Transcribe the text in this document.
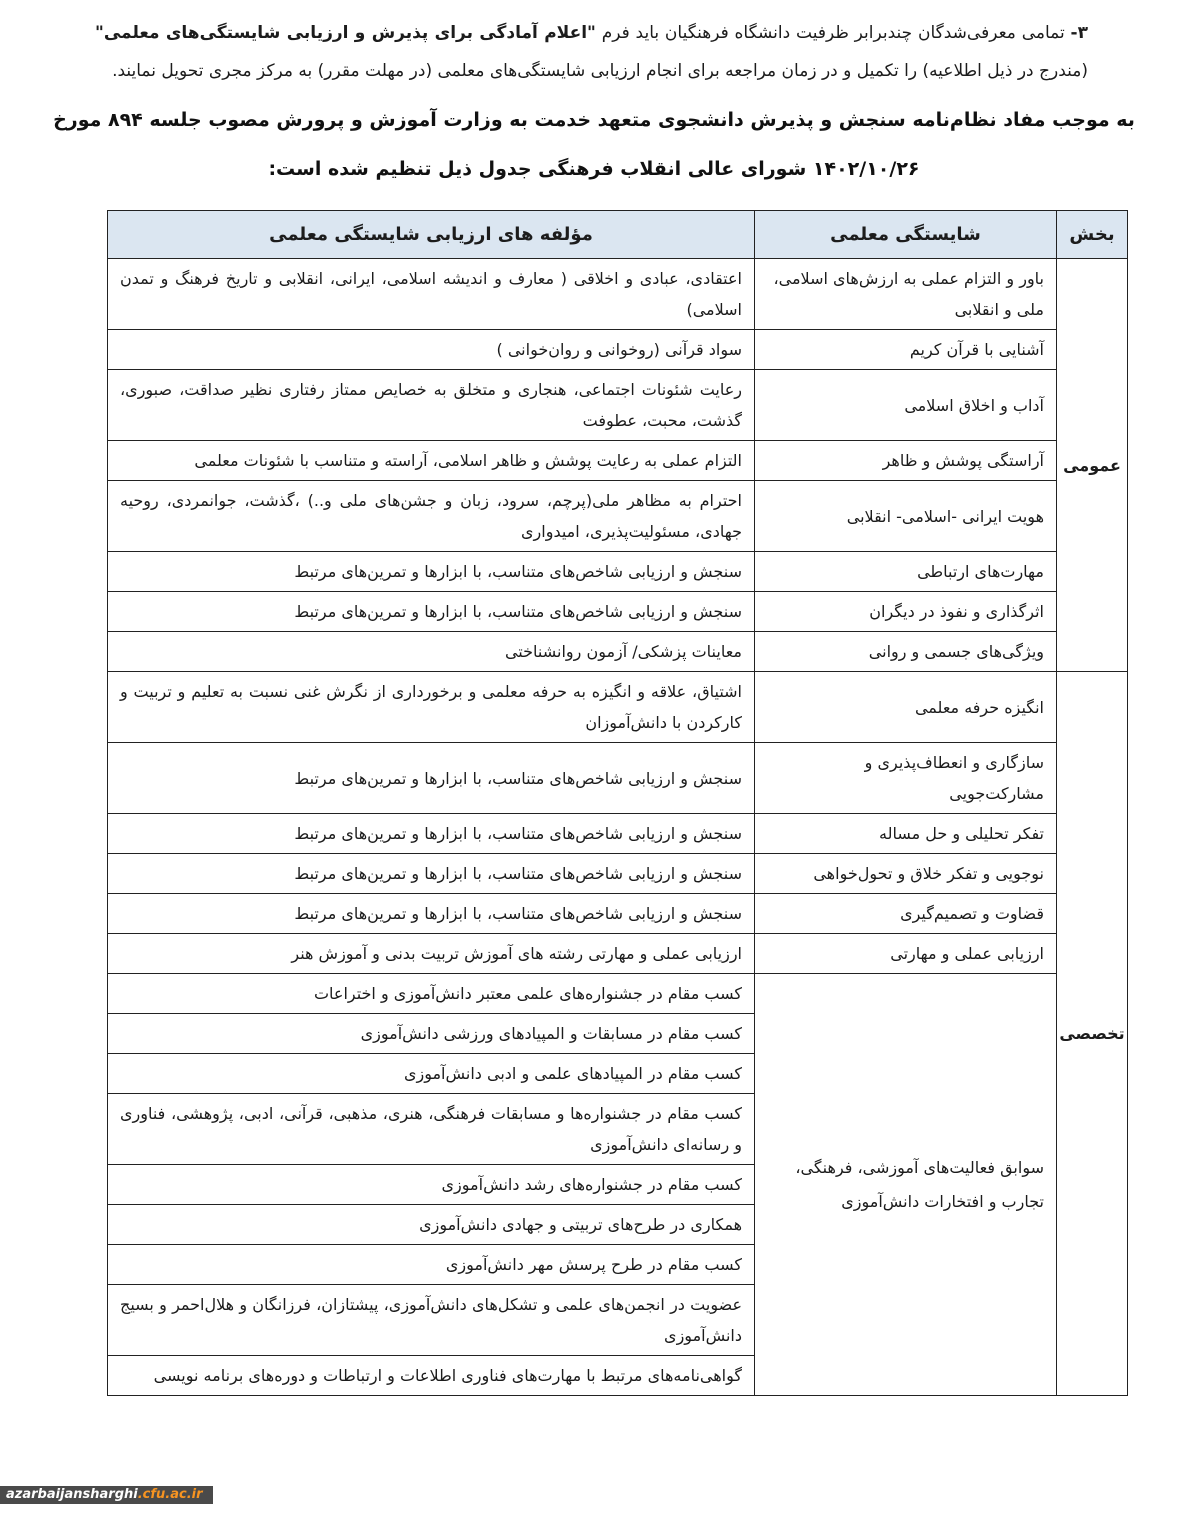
۳- تمامی معرفی‌شدگان چندبرابر ظرفیت دانشگاه فرهنگیان باید فرم "اعلام آمادگی برای پذیرش و ارزیابی شایستگی‌های معلمی" (مندرج در ذیل اطلاعیه) را تکمیل و در زمان مراجعه برای انجام ارزیابی شایستگی‌های معلمی (در مهلت مقرر) به مرکز مجری تحویل نمایند.

به موجب مفاد نظام‌نامه سنجش و پذیرش دانشجوی متعهد خدمت به وزارت آموزش و پرورش مصوب جلسه ۸۹۴ مورخ ۱۴۰۲/۱۰/۲۶ شورای عالی انقلاب فرهنگی جدول ذیل تنظیم شده است:

بخش	شایستگی معلمی	مؤلفه های ارزیابی شایستگی معلمی
عمومی	باور و التزام عملی به ارزش‌های اسلامی، ملی و انقلابی	اعتقادی، عبادی و اخلاقی ( معارف و اندیشه اسلامی، ایرانی، انقلابی و تاریخ فرهنگ و تمدن اسلامی)
	آشنایی با قرآن کریم	سواد قرآنی (روخوانی و روان‌خوانی )
	آداب و اخلاق اسلامی	رعایت شئونات اجتماعی، هنجاری و متخلق به خصایص ممتاز رفتاری نظیر صداقت، صبوری، گذشت، محبت، عطوفت
	آراستگی پوشش و ظاهر	التزام عملی به رعایت پوشش و ظاهر اسلامی، آراسته و متناسب با شئونات معلمی
	هویت ایرانی -اسلامی- انقلابی	احترام به مظاهر ملی(پرچم، سرود، زبان و جشن‌های ملی و..) ،گذشت، جوانمردی، روحیه جهادی، مسئولیت‌پذیری، امیدواری
	مهارت‌های ارتباطی	سنجش و ارزیابی شاخص‌های متناسب، با ابزارها و تمرین‌های مرتبط
	اثرگذاری و نفوذ در دیگران	سنجش و ارزیابی شاخص‌های متناسب، با ابزارها و تمرین‌های مرتبط
	ویژگی‌های جسمی و روانی	معاینات پزشکی/ آزمون روانشناختی
تخصصی	انگیزه حرفه معلمی	اشتیاق، علاقه و انگیزه به حرفه معلمی و برخورداری از نگرش غنی نسبت به تعلیم و تربیت و کارکردن با دانش‌آموزان
	سازگاری و انعطاف‌پذیری و مشارکت‌جویی	سنجش و ارزیابی شاخص‌های متناسب، با ابزارها و تمرین‌های مرتبط
	تفکر تحلیلی و حل مساله	سنجش و ارزیابی شاخص‌های متناسب، با ابزارها و تمرین‌های مرتبط
	نوجویی و تفکر خلاق و تحول‌خواهی	سنجش و ارزیابی شاخص‌های متناسب، با ابزارها و تمرین‌های مرتبط
	قضاوت و تصمیم‌گیری	سنجش و ارزیابی شاخص‌های متناسب، با ابزارها و تمرین‌های مرتبط
	ارزیابی عملی و مهارتی	ارزیابی عملی و مهارتی رشته های آموزش تربیت بدنی و آموزش هنر
	سوابق فعالیت‌های آموزشی، فرهنگی، تجارب و افتخارات دانش‌آموزی	کسب مقام در جشنواره‌های علمی معتبر دانش‌آموزی و اختراعات
		کسب مقام در مسابقات و المپیادهای ورزشی دانش‌آموزی
		کسب مقام در المپیادهای علمی و ادبی دانش‌آموزی
		کسب مقام در جشنواره‌ها و مسابقات فرهنگی، هنری، مذهبی، قرآنی، ادبی، پژوهشی، فناوری و رسانه‌ای دانش‌آموزی
		کسب مقام در جشنواره‌های رشد دانش‌آموزی
		همکاری در طرح‌های تربیتی و جهادی دانش‌آموزی
		کسب مقام در طرح پرسش مهر دانش‌آموزی
		عضویت در انجمن‌های علمی و تشکل‌های دانش‌آموزی، پیشتازان، فرزانگان و هلال‌احمر و بسیج دانش‌آموزی
		گواهی‌نامه‌های مرتبط با مهارت‌های فناوری اطلاعات و ارتباطات و دوره‌های برنامه نویسی
azarbaijansharghi.cfu.ac.ir
